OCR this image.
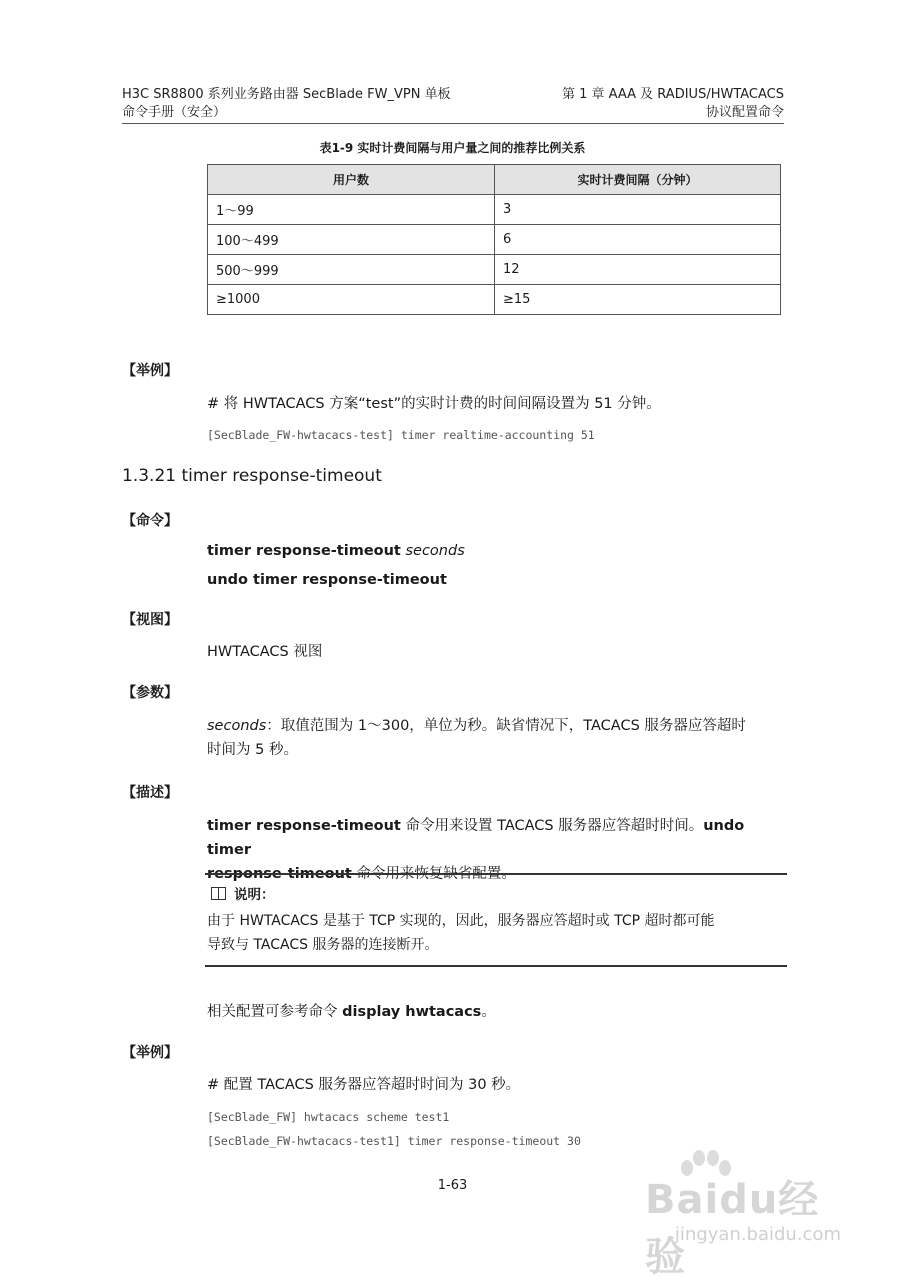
H3C SR8800 系列业务路由器 SecBlade FW_VPN 单板
命令手册（安全）
第 1 章 AAA 及 RADIUS/HWTACACS
协议配置命令
表1-9 实时计费间隔与用户量之间的推荐比例关系
用户数	实时计费间隔（分钟）
1～99	3
100～499	6
500～999	12
≥1000	≥15
【举例】
# 将 HWTACACS 方案“test”的实时计费的时间间隔设置为 51 分钟。
[SecBlade_FW-hwtacacs-test] timer realtime-accounting 51
1.3.21 timer response-timeout
【命令】
timer response-timeout seconds
undo timer response-timeout
【视图】
HWTACACS 视图
【参数】
seconds：取值范围为 1～300，单位为秒。缺省情况下，TACACS 服务器应答超时
时间为 5 秒。
【描述】
timer response-timeout 命令用来设置 TACACS 服务器应答超时时间。undo timer
response-timeout 命令用来恢复缺省配置。
说明：
由于 HWTACACS 是基于 TCP 实现的，因此，服务器应答超时或 TCP 超时都可能
导致与 TACACS 服务器的连接断开。
相关配置可参考命令 display hwtacacs。
【举例】
# 配置 TACACS 服务器应答超时时间为 30 秒。
[SecBlade_FW] hwtacacs scheme test1
[SecBlade_FW-hwtacacs-test1] timer response-timeout 30
1-63	Baidu经验
jingyan.baidu.com
